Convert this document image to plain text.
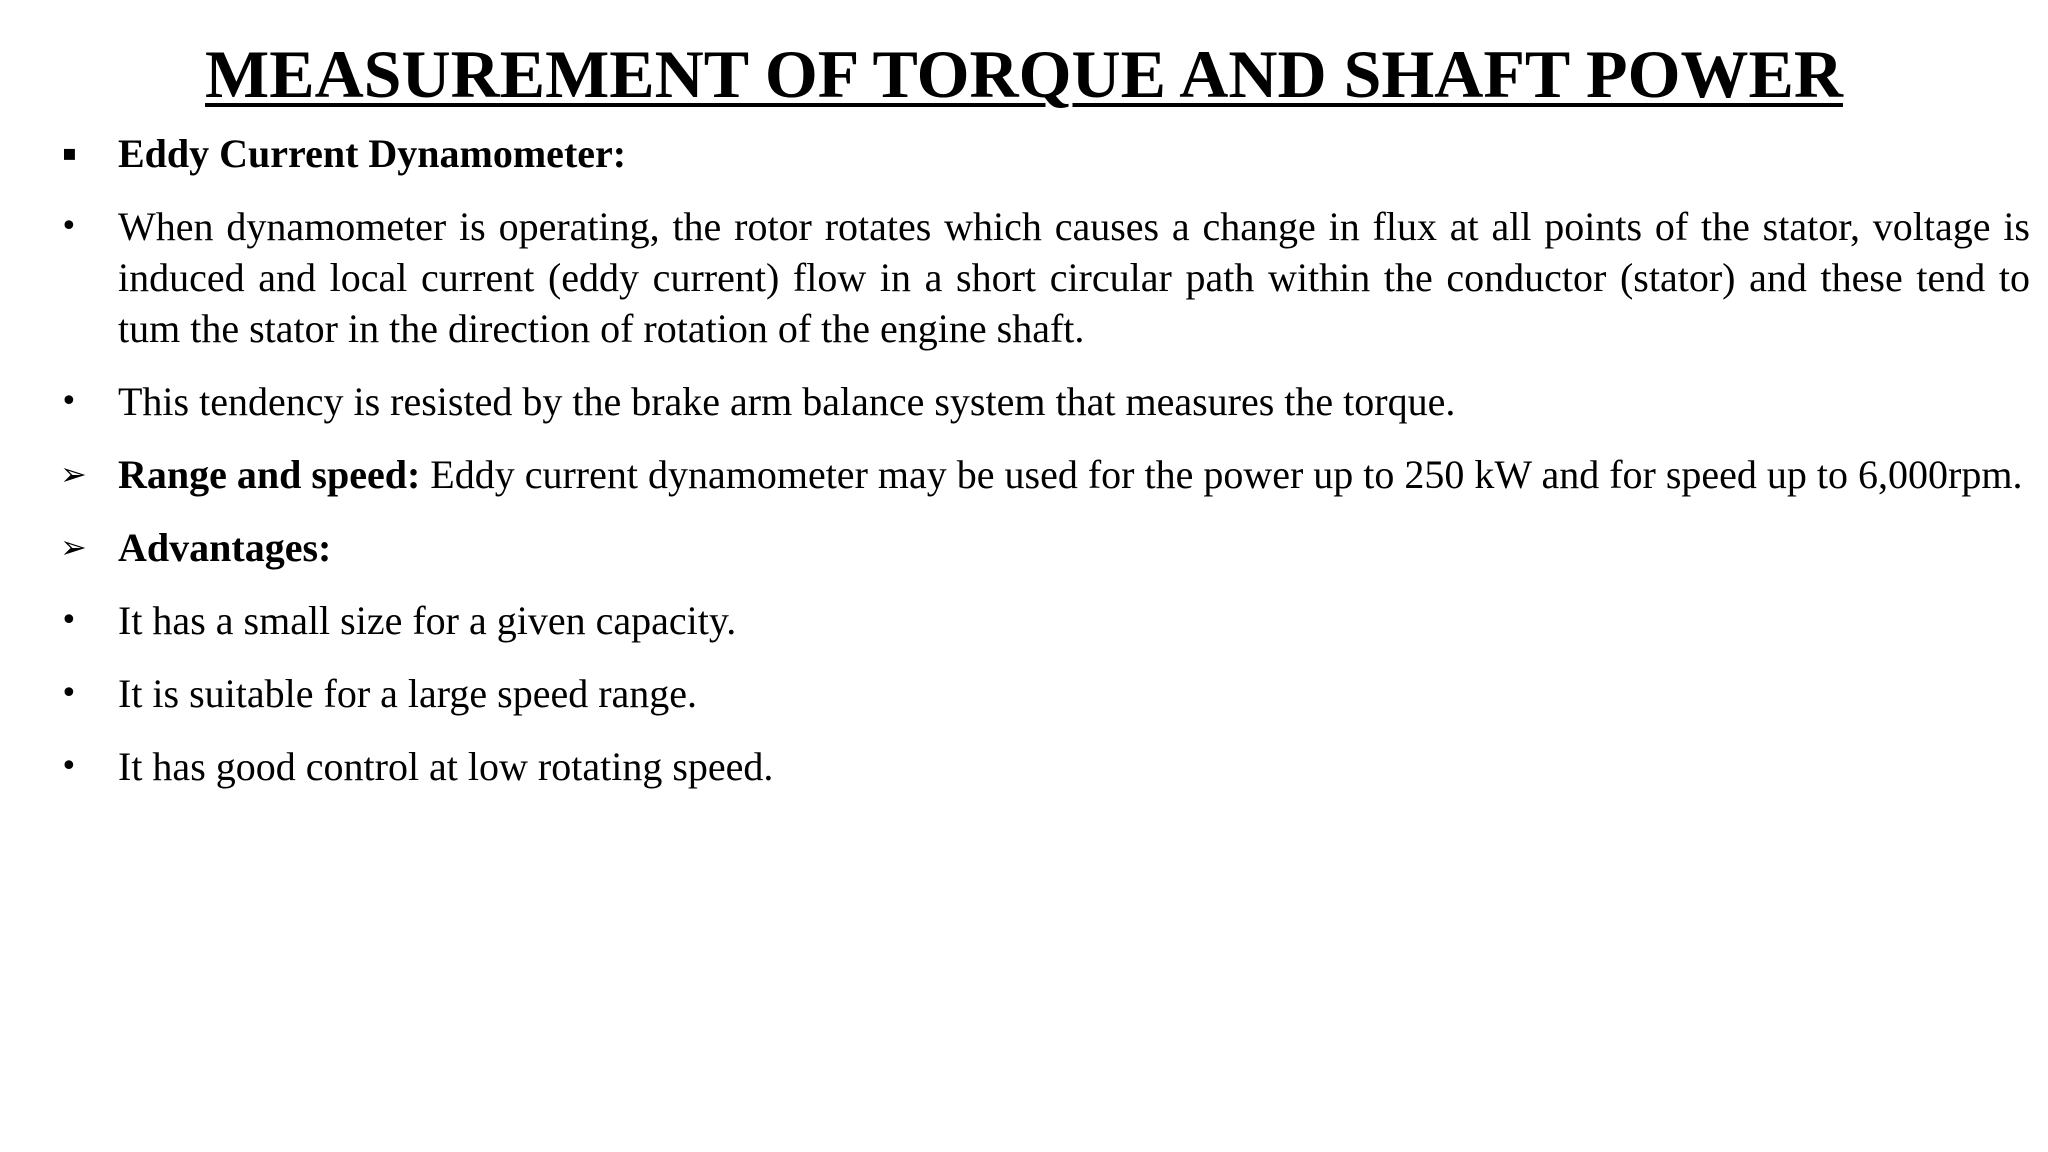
MEASUREMENT OF TORQUE AND SHAFT POWER
▪	Eddy Current Dynamometer:
•	When dynamometer is operating, the rotor rotates which causes a change in flux at all points of the stator, voltage is induced and local current (eddy current) flow in a short circular path within the conductor (stator) and these tend to tum the stator in the direction of rotation of the engine shaft.
•	This tendency is resisted by the brake arm balance system that measures the torque.
➢ Range and speed: Eddy current dynamometer may be used for the power up to 250 kW and for speed up to 6,000rpm.
➢ Advantages:
•	It has a small size for a given capacity.
•	It is suitable for a large speed range.
•	It has good control at low rotating speed.
